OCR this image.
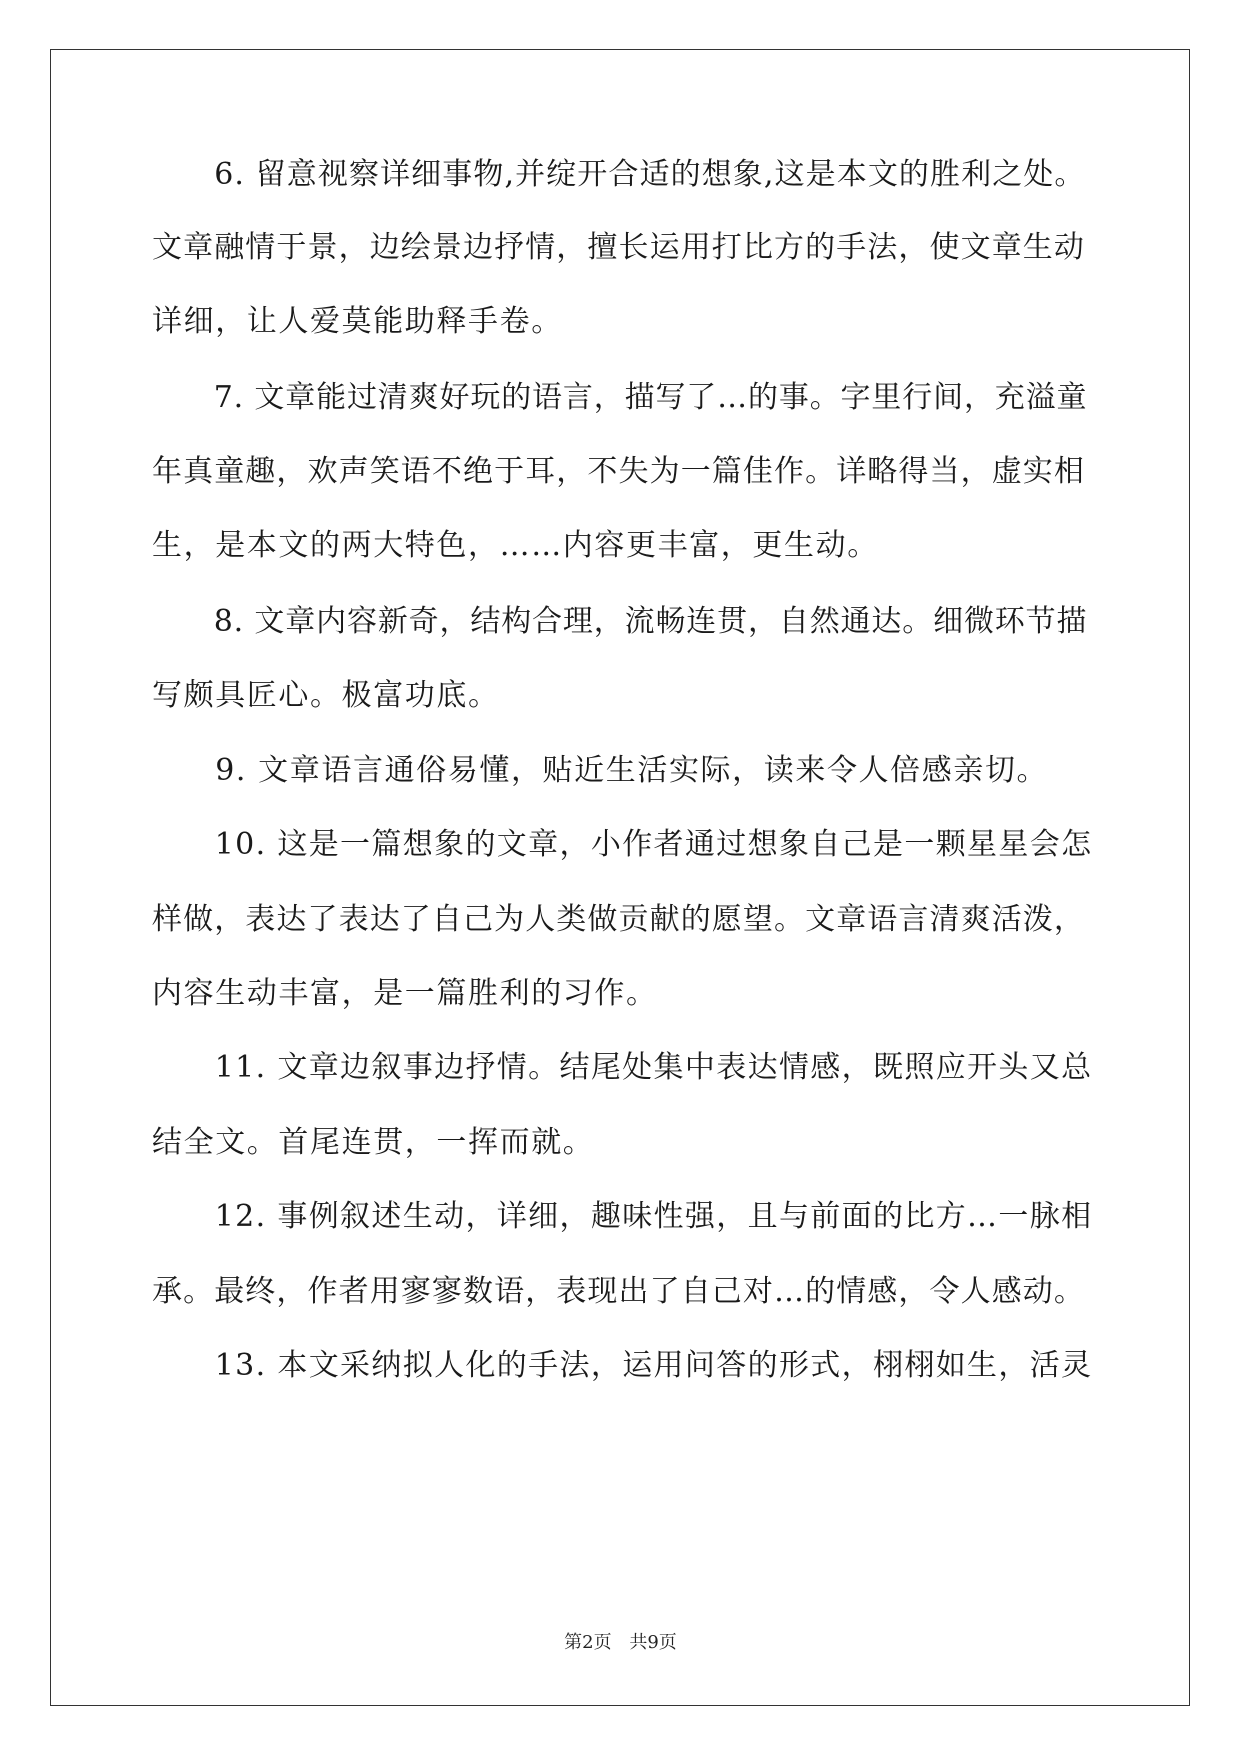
　　6. 留意视察详细事物,并绽开合适的想象,这是本文的胜利之处。
文章融情于景，边绘景边抒情，擅长运用打比方的手法，使文章生动
详细，让人爱莫能助释手卷。
　　7. 文章能过清爽好玩的语言，描写了…的事。字里行间，充溢童
年真童趣，欢声笑语不绝于耳，不失为一篇佳作。详略得当，虚实相
生，是本文的两大特色，……内容更丰富，更生动。
　　8. 文章内容新奇，结构合理，流畅连贯，自然通达。细微环节描
写颇具匠心。极富功底。
　　9. 文章语言通俗易懂，贴近生活实际，读来令人倍感亲切。
　　10. 这是一篇想象的文章，小作者通过想象自己是一颗星星会怎
样做，表达了表达了自己为人类做贡献的愿望。文章语言清爽活泼，
内容生动丰富，是一篇胜利的习作。
　　11. 文章边叙事边抒情。结尾处集中表达情感，既照应开头又总
结全文。首尾连贯，一挥而就。
　　12. 事例叙述生动，详细，趣味性强，且与前面的比方…一脉相
承。最终，作者用寥寥数语，表现出了自己对…的情感，令人感动。
　　13. 本文采纳拟人化的手法，运用问答的形式，栩栩如生，活灵
第2页 共9页
